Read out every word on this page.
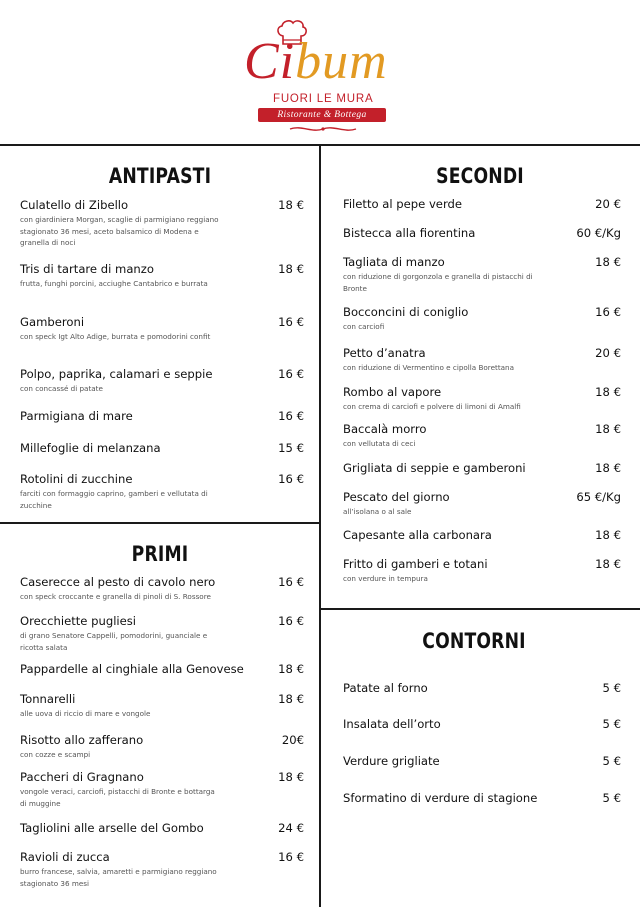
Cibum
FUORI LE MURA
Ristorante & Bottega
ANTIPASTI
Culatello di Zibello	18 €
con giardiniera Morgan, scaglie di parmigiano reggiano stagionato 36 mesi, aceto balsamico di Modena e granella di noci
Tris di tartare di manzo	18 €
frutta, funghi porcini, acciughe Cantabrico e burrata
Gamberoni	16 €
con speck Igt Alto Adige, burrata e pomodorini confit
Polpo, paprika, calamari e seppie	16 €
con concassé di patate
Parmigiana di mare	16 €
Millefoglie di melanzana	15 €
Rotolini di zucchine	16 €
farciti con formaggio caprino, gamberi e vellutata di zucchine
PRIMI
Caserecce al pesto di cavolo nero	16 €
con speck croccante e granella di pinoli di S. Rossore
Orecchiette pugliesi	16 €
di grano Senatore Cappelli, pomodorini, guanciale e ricotta salata
Pappardelle al cinghiale alla Genovese	18 €
Tonnarelli	18 €
alle uova di riccio di mare e vongole
Risotto allo zafferano	20€
con cozze e scampi
Paccheri di Gragnano	18 €
vongole veraci, carciofi, pistacchi di Bronte e bottarga di muggine
Tagliolini alle arselle del Gombo	24 €
Ravioli di zucca	16 €
burro francese, salvia, amaretti e parmigiano reggiano stagionato 36 mesi
SECONDI
Filetto al pepe verde	20 €
Bistecca alla fiorentina	60 €/Kg
Tagliata di manzo	18 €
con riduzione di gorgonzola e granella di pistacchi di Bronte
Bocconcini di coniglio	16 €
con carciofi
Petto d’anatra	20 €
con riduzione di Vermentino e cipolla Borettana
Rombo al vapore	18 €
con crema di carciofi e polvere di limoni di Amalfi
Baccalà morro	18 €
con vellutata di ceci
Grigliata di seppie e gamberoni	18 €
Pescato del giorno	65 €/Kg
all’isolana o al sale
Capesante alla carbonara	18 €
Fritto di gamberi e totani	18 €
con verdure in tempura
CONTORNI
Patate al forno	5 €
Insalata dell’orto	5 €
Verdure grigliate	5 €
Sformatino di verdure di stagione	5 €
